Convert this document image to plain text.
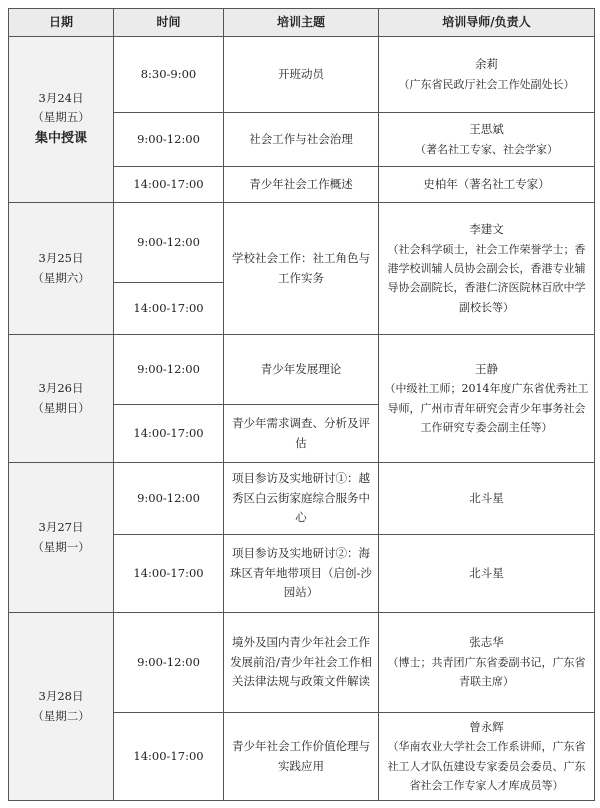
日期	时间	培训主题	培训导师/负责人

3月24日
（星期五）
集中授课	8:30-9:00	开班动员	余莉
（广东省民政厅社会工作处副处长）

	9:00-12:00	社会工作与社会治理	王思斌
（著名社工专家、社会学家）

	14:00-17:00	青少年社会工作概述	史柏年（著名社工专家）

3月25日
（星期六）	9:00-12:00	学校社会工作：社工角色与工作实务	李建文
（社会科学硕士，社会工作荣誉学士；香港学校训辅人员协会副会长，香港专业辅导协会副院长，香港仁济医院林百欣中学副校长等）

	14:00-17:00		

3月26日
（星期日）	9:00-12:00	青少年发展理论	王静
（中级社工师；2014年度广东省优秀社工导师，广州市青年研究会青少年事务社会工作研究专委会副主任等）

	14:00-17:00	青少年需求调查、分析及评估	

3月27日
（星期一）	9:00-12:00	项目参访及实地研讨①：越秀区白云街家庭综合服务中心	北斗星

	14:00-17:00	项目参访及实地研讨②：海珠区青年地带项目（启创-沙园站）	北斗星

3月28日
（星期二）	9:00-12:00	境外及国内青少年社会工作发展前沿/青少年社会工作相关法律法规与政策文件解读	张志华
（博士；共青团广东省委副书记，广东省青联主席）

	14:00-17:00	青少年社会工作价值伦理与实践应用	曾永辉
（华南农业大学社会工作系讲师，广东省社工人才队伍建设专家委员会委员、广东省社会工作专家人才库成员等）
